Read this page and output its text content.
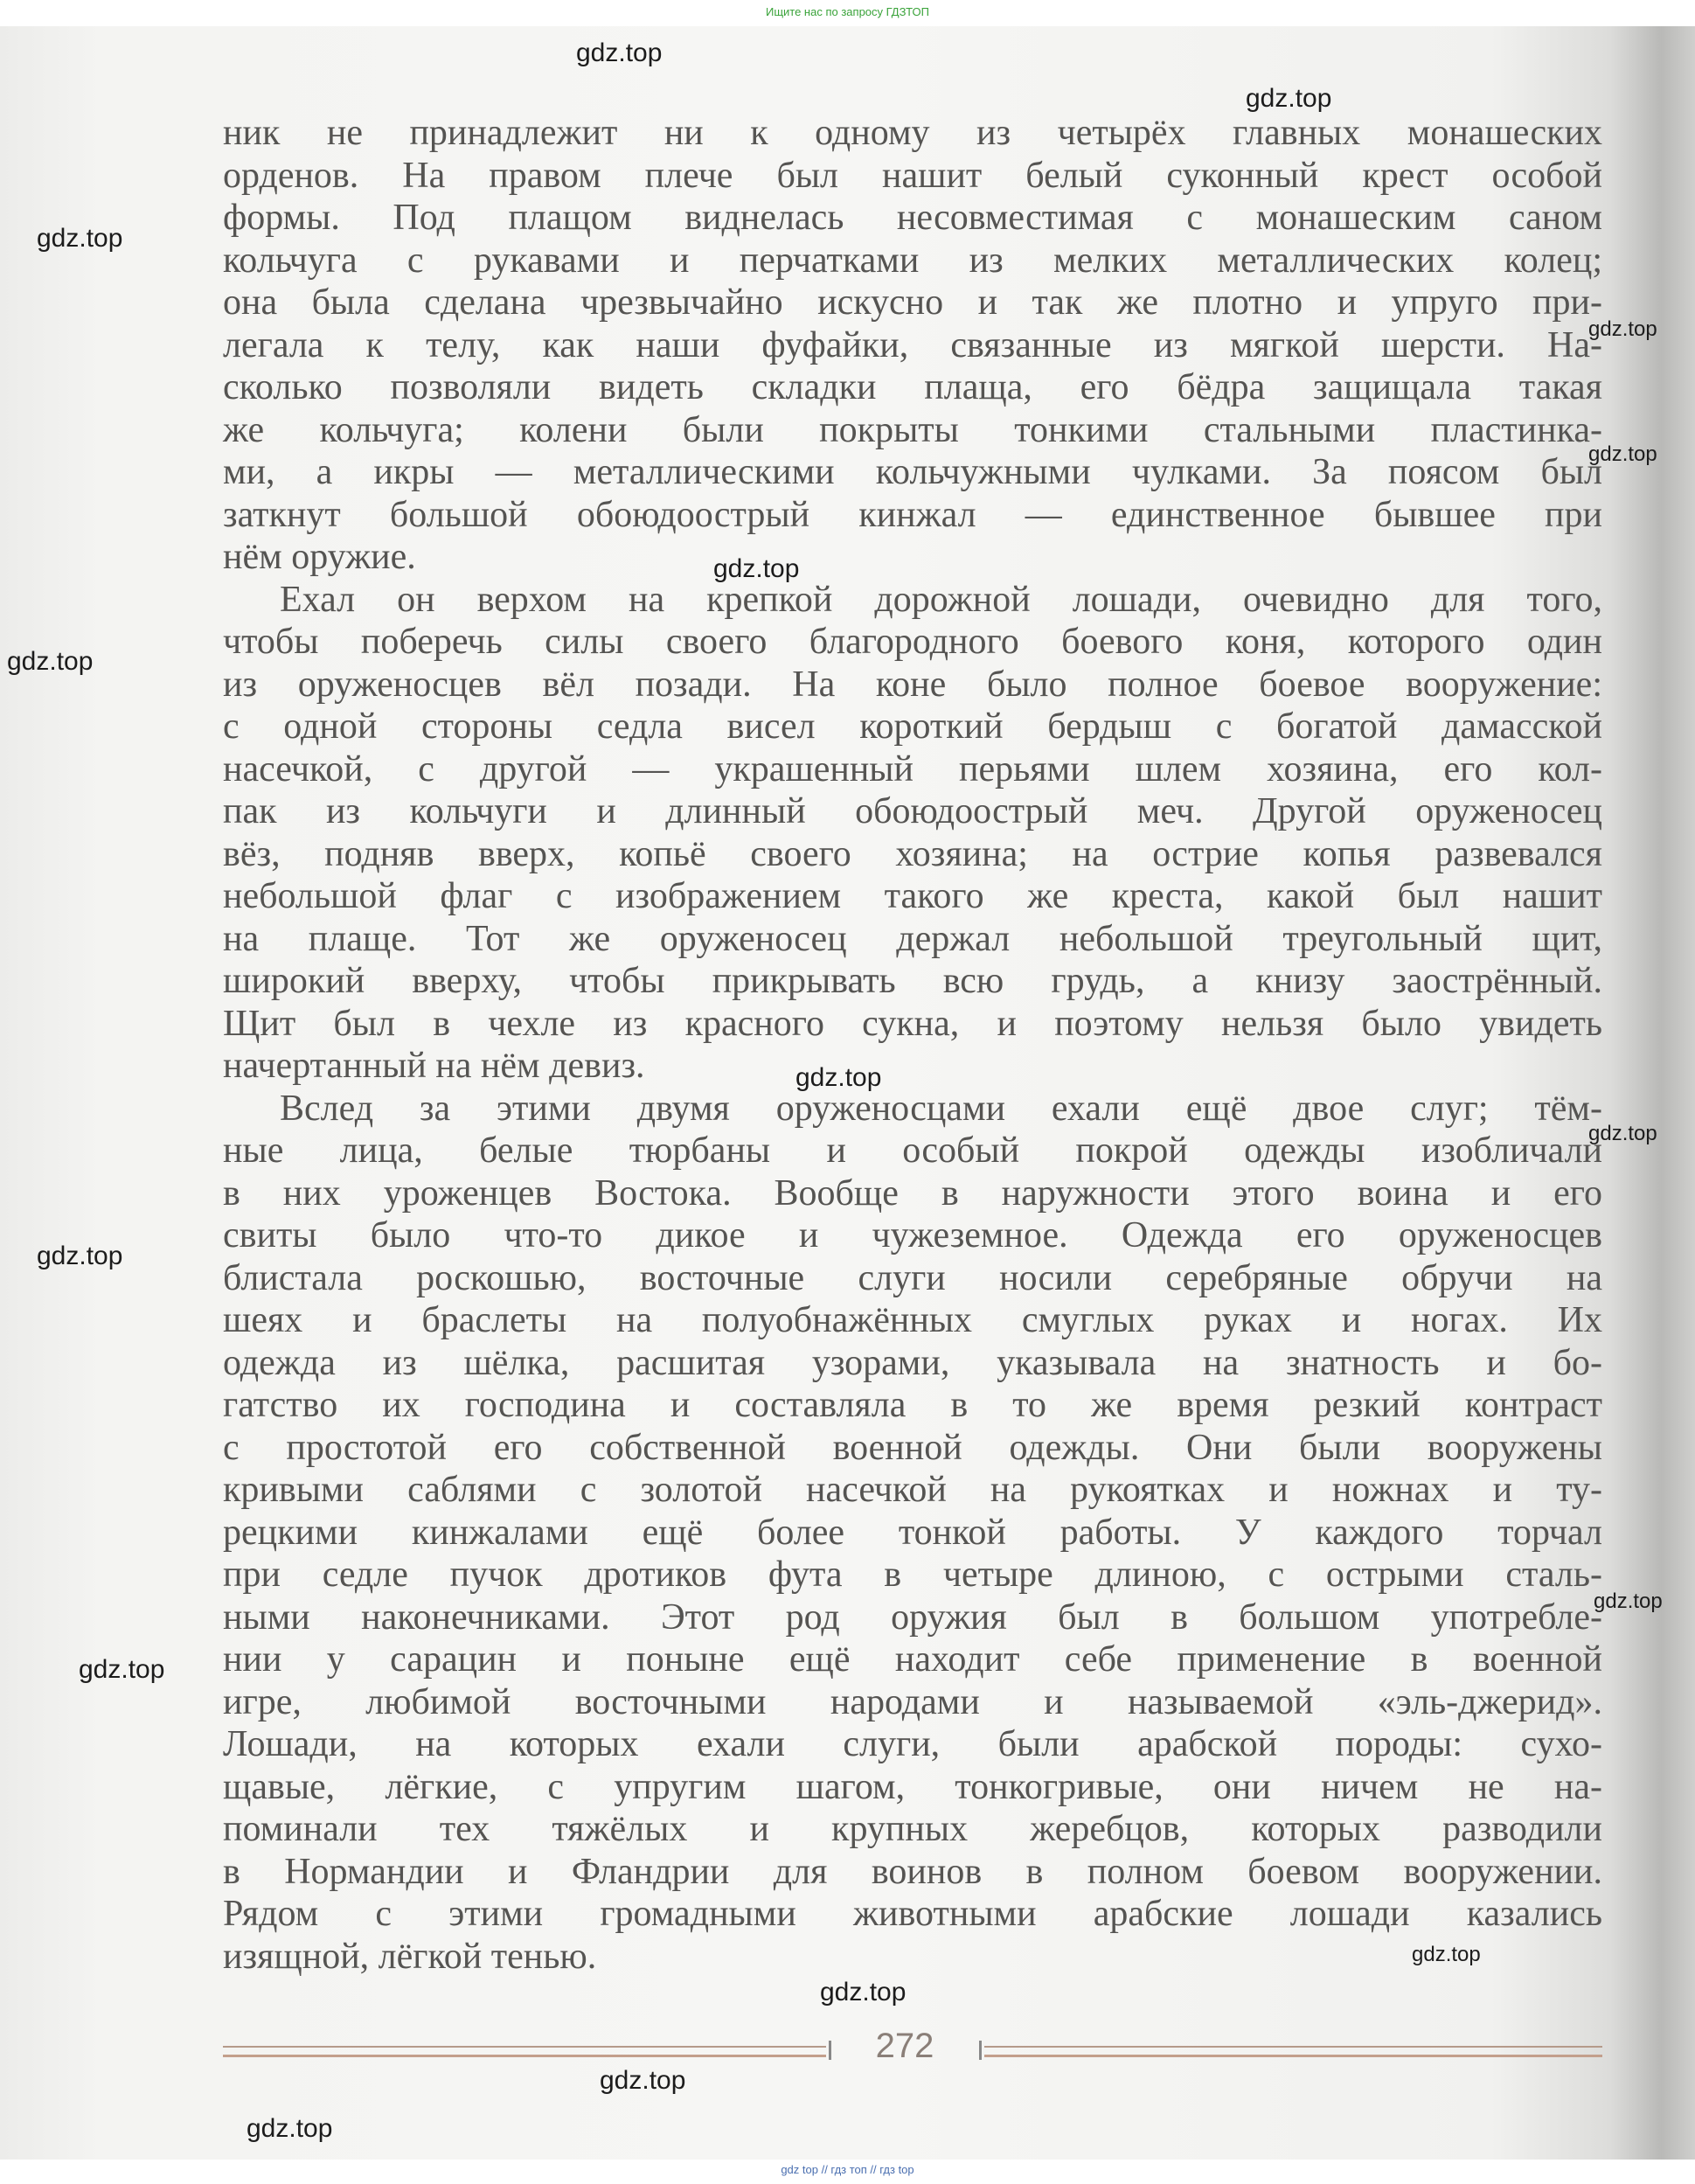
Ищите нас по запросу ГДЗТОП
ник не принадлежит ни к одному из четырёх главных монашеских
орденов. На правом плече был нашит белый суконный крест особой
формы. Под плащом виднелась несовместимая с монашеским саном
кольчуга с рукавами и перчатками из мелких металлических колец;
она была сделана чрезвычайно искусно и так же плотно и упруго при-
легала к телу, как наши фуфайки, связанные из мягкой шерсти. На-
сколько позволяли видеть складки плаща, его бёдра защищала такая
же кольчуга; колени были покрыты тонкими стальными пластинка-
ми, а икры — металлическими кольчужными чулками. За поясом был
заткнут большой обоюдоострый кинжал — единственное бывшее при
нём оружие.
Ехал он верхом на крепкой дорожной лошади, очевидно для того,
чтобы поберечь силы своего благородного боевого коня, которого один
из оруженосцев вёл позади. На коне было полное боевое вооружение:
с одной стороны седла висел короткий бердыш с богатой дамасской
насечкой, с другой — украшенный перьями шлем хозяина, его кол-
пак из кольчуги и длинный обоюдоострый меч. Другой оруженосец
вёз, подняв вверх, копьё своего хозяина; на острие копья развевался
небольшой флаг с изображением такого же креста, какой был нашит
на плаще. Тот же оруженосец держал небольшой треугольный щит,
широкий вверху, чтобы прикрывать всю грудь, а книзу заострённый.
Щит был в чехле из красного сукна, и поэтому нельзя было увидеть
начертанный на нём девиз.
Вслед за этими двумя оруженосцами ехали ещё двое слуг; тём-
ные лица, белые тюрбаны и особый покрой одежды изобличали
в них уроженцев Востока. Вообще в наружности этого воина и его
свиты было что-то дикое и чужеземное. Одежда его оруженосцев
блистала роскошью, восточные слуги носили серебряные обручи на
шеях и браслеты на полуобнажённых смуглых руках и ногах. Их
одежда из шёлка, расшитая узорами, указывала на знатность и бо-
гатство их господина и составляла в то же время резкий контраст
с простотой его собственной военной одежды. Они были вооружены
кривыми саблями с золотой насечкой на рукоятках и ножнах и ту-
рецкими кинжалами ещё более тонкой работы. У каждого торчал
при седле пучок дротиков фута в четыре длиною, с острыми сталь-
ными наконечниками. Этот род оружия был в большом употребле-
нии у сарацин и поныне ещё находит себе применение в военной
игре, любимой восточными народами и называемой «эль-джерид».
Лошади, на которых ехали слуги, были арабской породы: сухо-
щавые, лёгкие, с упругим шагом, тонкогривые, они ничем не на-
поминали тех тяжёлых и крупных жеребцов, которых разводили
в Нормандии и Фландрии для воинов в полном боевом вооружении.
Рядом с этими громадными животными арабские лошади казались
изящной, лёгкой тенью.
272
gdz.top
gdz.top
gdz.top
gdz.top
gdz.top
gdz.top
gdz.top
gdz.top
gdz.top
gdz.top
gdz.top
gdz.top
gdz.top
gdz.top
gdz.top
gdz.top
gdz top // гдз топ // гдз top
